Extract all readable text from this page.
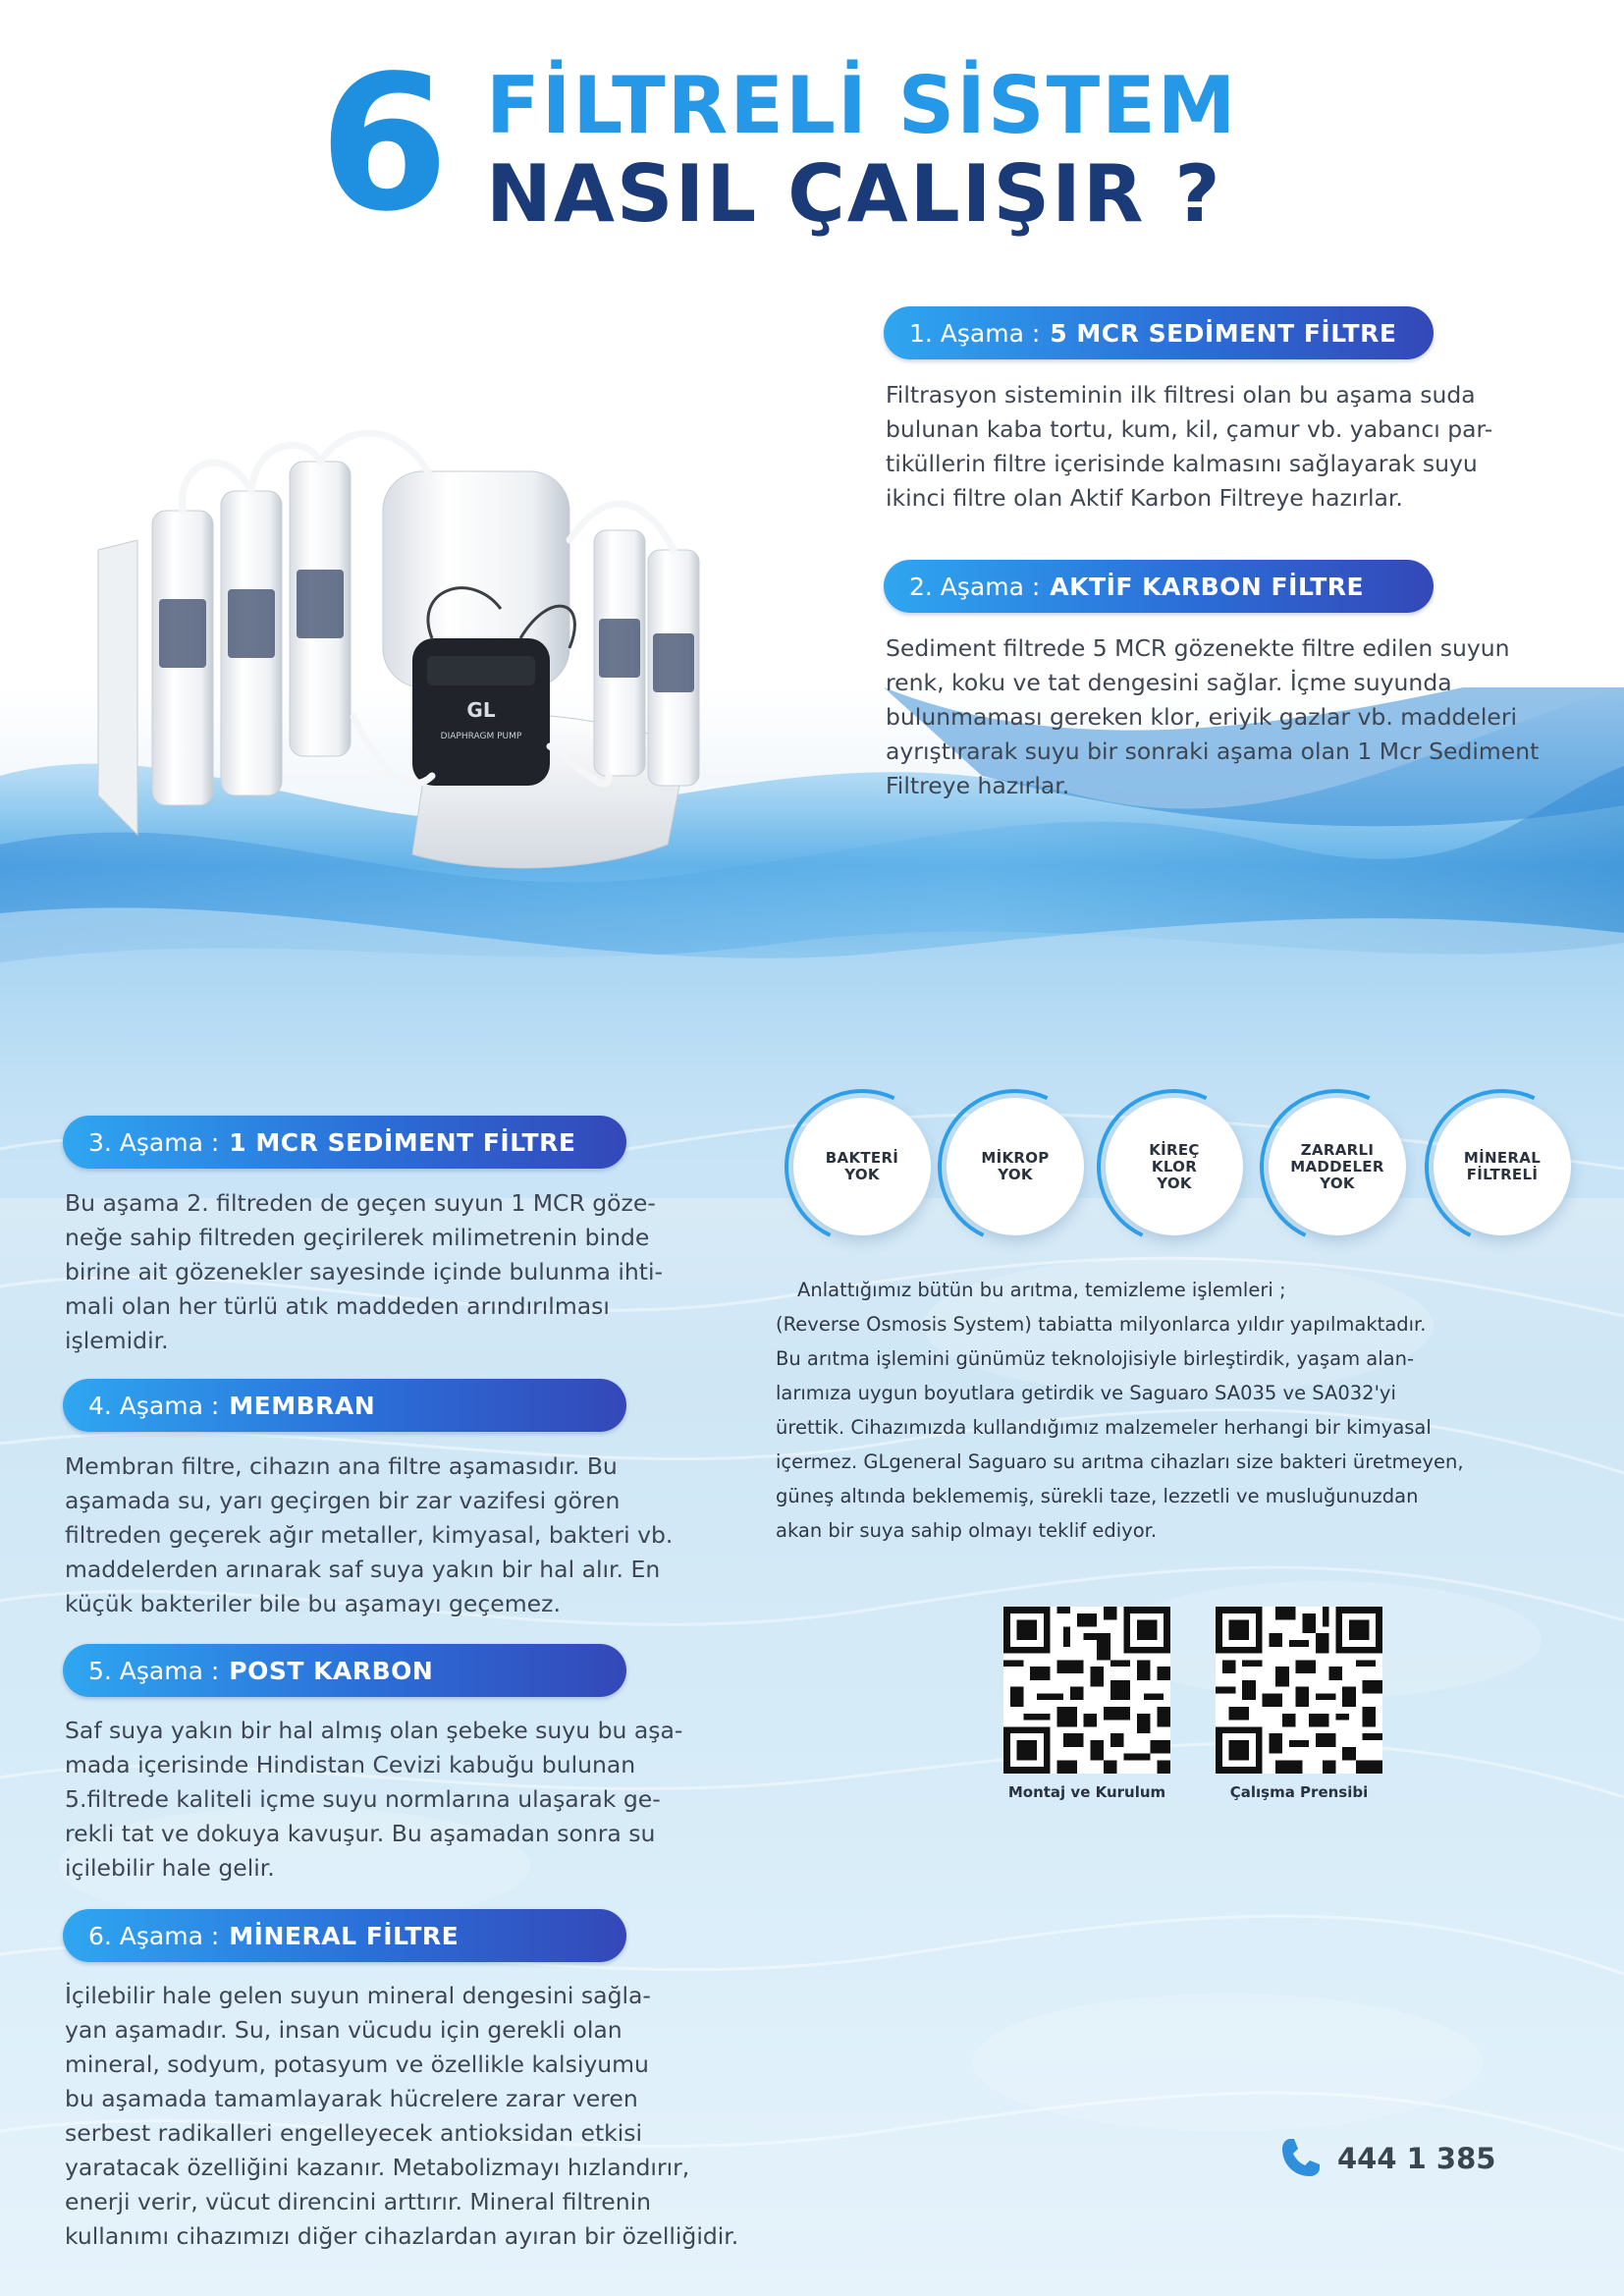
6 FİLTRELİ SİSTEM
NASIL ÇALIŞIR ?
GL
DIAPHRAGM PUMP
1. Aşama : 5 MCR SEDİMENT FİLTRE
Filtrasyon sisteminin ilk filtresi olan bu aşama suda
bulunan kaba tortu, kum, kil, çamur vb. yabancı par-
tiküllerin filtre içerisinde kalmasını sağlayarak suyu
ikinci filtre olan Aktif Karbon Filtreye hazırlar.
2. Aşama : AKTİF KARBON FİLTRE
Sediment filtrede 5 MCR gözenekte filtre edilen suyun
renk, koku ve tat dengesini sağlar. İçme suyunda
bulunmaması gereken klor, eriyik gazlar vb. maddeleri
ayrıştırarak suyu bir sonraki aşama olan 1 Mcr Sediment
Filtreye hazırlar.
3. Aşama : 1 MCR SEDİMENT FİLTRE
Bu aşama 2. filtreden de geçen suyun 1 MCR göze-
neğe sahip filtreden geçirilerek milimetrenin binde
birine ait gözenekler sayesinde içinde bulunma ihti-
mali olan her türlü atık maddeden arındırılması
işlemidir.
4. Aşama : MEMBRAN
Membran filtre, cihazın ana filtre aşamasıdır. Bu
aşamada su, yarı geçirgen bir zar vazifesi gören
filtreden geçerek ağır metaller, kimyasal, bakteri vb.
maddelerden arınarak saf suya yakın bir hal alır. En
küçük bakteriler bile bu aşamayı geçemez.
5. Aşama : POST KARBON
Saf suya yakın bir hal almış olan şebeke suyu bu aşa-
mada içerisinde Hindistan Cevizi kabuğu bulunan
5.filtrede kaliteli içme suyu normlarına ulaşarak ge-
rekli tat ve dokuya kavuşur. Bu aşamadan sonra su
içilebilir hale gelir.
6. Aşama : MİNERAL FİLTRE
İçilebilir hale gelen suyun mineral dengesini sağla-
yan aşamadır. Su, insan vücudu için gerekli olan
mineral, sodyum, potasyum ve özellikle kalsiyumu
bu aşamada tamamlayarak hücrelere zarar veren
serbest radikalleri engelleyecek antioksidan etkisi
yaratacak özelliğini kazanır. Metabolizmayı hızlandırır,
enerji verir, vücut direncini arttırır. Mineral filtrenin
kullanımı cihazımızı diğer cihazlardan ayıran bir özelliğidir.
BAKTERİ
YOK
MİKROP
YOK
KİREÇ
KLOR
YOK
ZARARLI
MADDELER
YOK
MİNERAL
FİLTRELİ
Anlattığımız bütün bu arıtma, temizleme işlemleri ;
(Reverse Osmosis System) tabiatta milyonlarca yıldır yapılmaktadır.
Bu arıtma işlemini günümüz teknolojisiyle birleştirdik, yaşam alan-
larımıza uygun boyutlara getirdik ve Saguaro SA035 ve SA032'yi
ürettik. Cihazımızda kullandığımız malzemeler herhangi bir kimyasal
içermez. GLgeneral Saguaro su arıtma cihazları size bakteri üretmeyen,
güneş altında beklememiş, sürekli taze, lezzetli ve musluğunuzdan
akan bir suya sahip olmayı teklif ediyor.
Montaj ve Kurulum	Çalışma Prensibi
444 1 385
